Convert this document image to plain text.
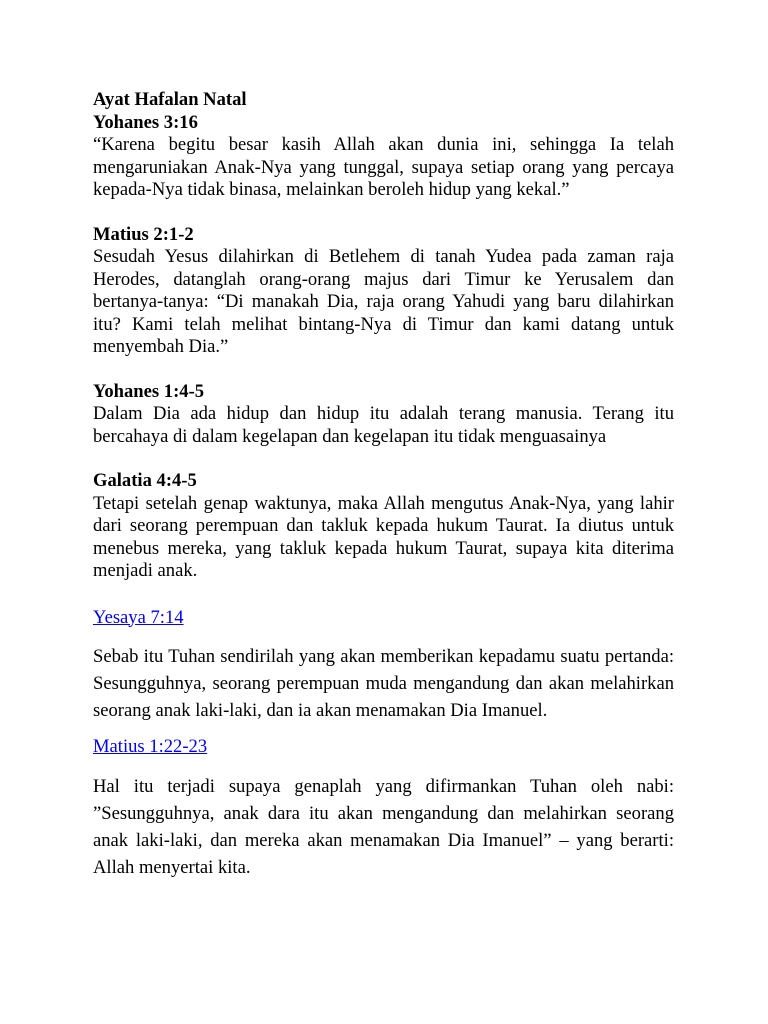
Ayat Hafalan Natal
Yohanes 3:16
“Karena begitu besar kasih Allah akan dunia ini, sehingga Ia telah mengaruniakan Anak-Nya yang tunggal, supaya setiap orang yang percaya kepada-Nya tidak binasa, melainkan beroleh hidup yang kekal.”
Matius 2:1-2
Sesudah Yesus dilahirkan di Betlehem di tanah Yudea pada zaman raja Herodes, datanglah orang-orang majus dari Timur ke Yerusalem dan bertanya-tanya: “Di manakah Dia, raja orang Yahudi yang baru dilahirkan itu? Kami telah melihat bintang-Nya di Timur dan kami datang untuk menyembah Dia.”
Yohanes 1:4-5
Dalam Dia ada hidup dan hidup itu adalah terang manusia. Terang itu bercahaya di dalam kegelapan dan kegelapan itu tidak menguasainya
Galatia 4:4-5
Tetapi setelah genap waktunya, maka Allah mengutus Anak-Nya, yang lahir dari seorang perempuan dan takluk kepada hukum Taurat. Ia diutus untuk menebus mereka, yang takluk kepada hukum Taurat, supaya kita diterima menjadi anak.
Yesaya 7:14
Sebab itu Tuhan sendirilah yang akan memberikan kepadamu suatu pertanda: Sesungguhnya, seorang perempuan muda mengandung dan akan melahirkan seorang anak laki-laki, dan ia akan menamakan Dia Imanuel.
Matius 1:22-23
Hal itu terjadi supaya genaplah yang difirmankan Tuhan oleh nabi: ”Sesungguhnya, anak dara itu akan mengandung dan melahirkan seorang anak laki-laki, dan mereka akan menamakan Dia Imanuel” – yang berarti: Allah menyertai kita.
